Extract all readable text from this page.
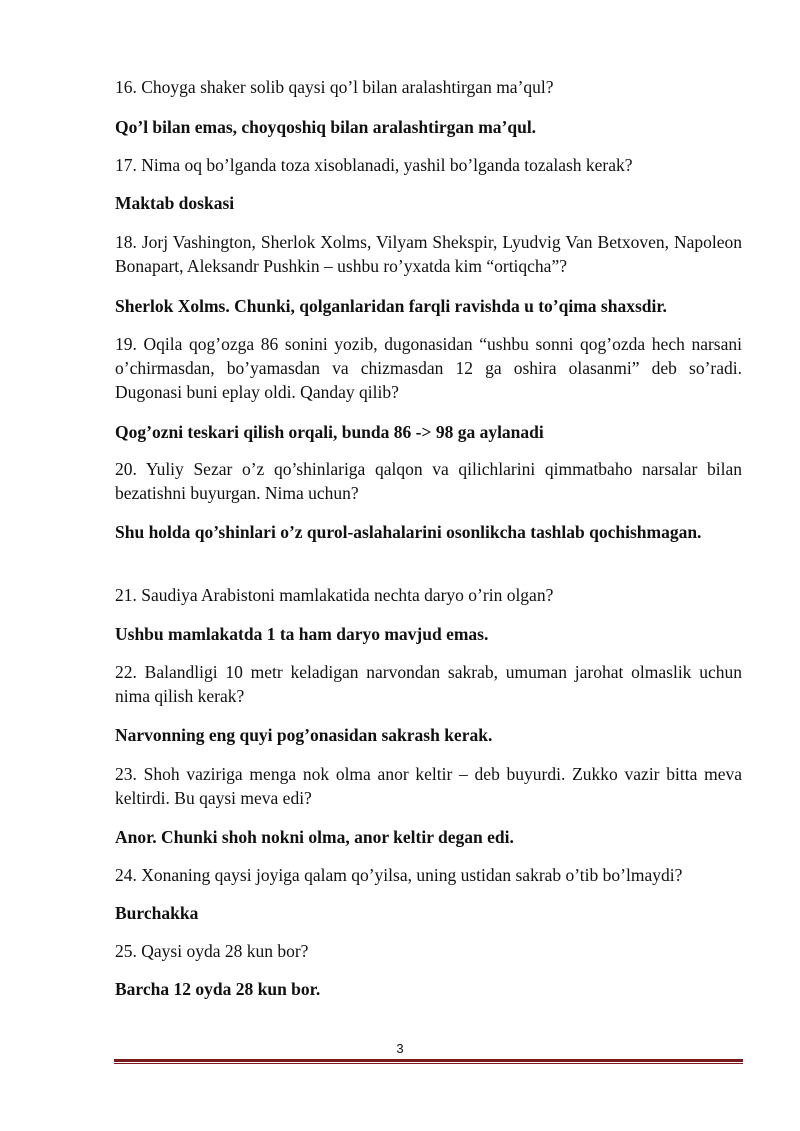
16. Choyga shaker solib qaysi qo’l bilan aralashtirgan ma’qul?

Qo’l bilan emas, choyqoshiq bilan aralashtirgan ma’qul.

17. Nima oq bo’lganda toza xisoblanadi, yashil bo’lganda tozalash kerak?

Maktab doskasi

18. Jorj Vashington, Sherlok Xolms, Vilyam Shekspir, Lyudvig Van Betxoven, Napoleon Bonapart, Aleksandr Pushkin – ushbu ro’yxatda kim “ortiqcha”?

Sherlok Xolms. Chunki, qolganlaridan farqli ravishda u to’qima shaxsdir.

19. Oqila qog’ozga 86 sonini yozib, dugonasidan “ushbu sonni qog’ozda hech narsani o’chirmasdan, bo’yamasdan va chizmasdan 12 ga oshira olasanmi” deb so’radi. Dugonasi buni eplay oldi. Qanday qilib?

Qog’ozni teskari qilish orqali, bunda 86 -> 98 ga aylanadi

20. Yuliy Sezar o’z qo’shinlariga qalqon va qilichlarini qimmatbaho narsalar bilan bezatishni buyurgan. Nima uchun?

Shu holda qo’shinlari o’z qurol-aslahalarini osonlikcha tashlab qochishmagan.

21. Saudiya Arabistoni mamlakatida nechta daryo o’rin olgan?

Ushbu mamlakatda 1 ta ham daryo mavjud emas.

22. Balandligi 10 metr keladigan narvondan sakrab, umuman jarohat olmaslik uchun nima qilish kerak?

Narvonning eng quyi pog’onasidan sakrash kerak.

23. Shoh vaziriga menga nok olma anor keltir – deb buyurdi. Zukko vazir bitta meva keltirdi. Bu qaysi meva edi?

Anor. Chunki shoh nokni olma, anor keltir degan edi.

24. Xonaning qaysi joyiga qalam qo’yilsa, uning ustidan sakrab o’tib bo’lmaydi?

Burchakka

25. Qaysi oyda 28 kun bor?

Barcha 12 oyda 28 kun bor.

3
